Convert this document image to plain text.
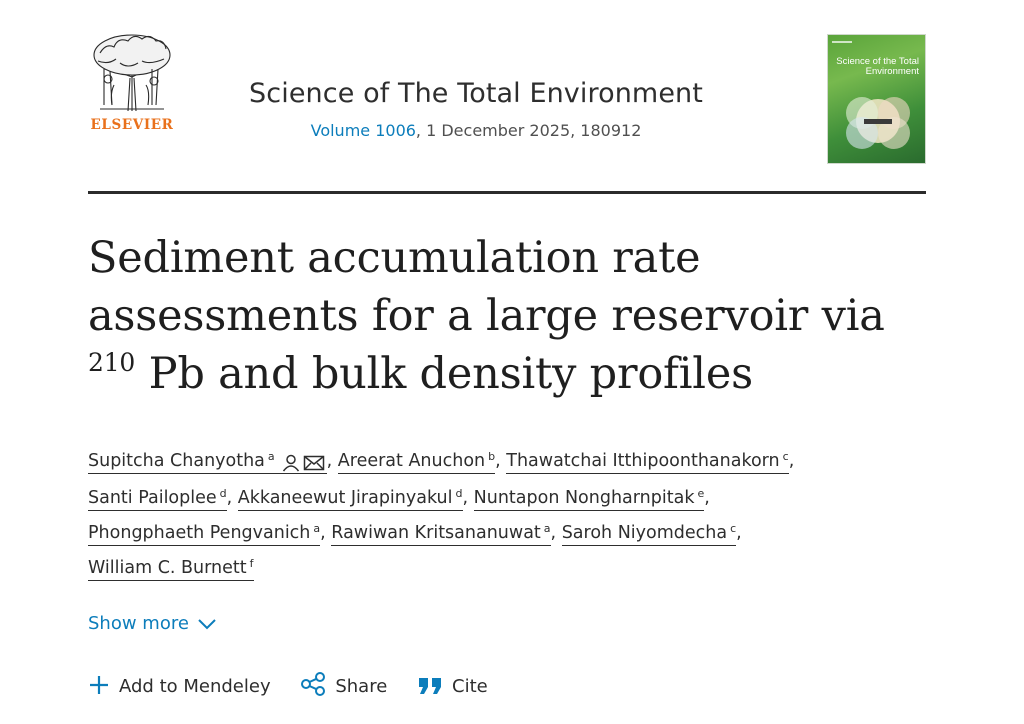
ELSEVIER
Science of The Total Environment
Volume 1006, 1 December 2025, 180912
Science of the Total Environment
Sediment accumulation rate
assessments for a large reservoir via
$^{210}$ Pb and bulk density profiles
Supitcha Chanyotha $^a$	, Areerat Anuchon $^b$, Thawatchai Itthipoonthanakorn $^c$,
Santi Pailoplee $^d$, Akkaneewut Jirapinyakul $^d$, Nuntapon Nongharnpitak $^e$,
Phongphaeth Pengvanich $^a$, Rawiwan Kritsananuwat $^a$, Saroh Niyomdecha $^c$,
William C. Burnett $^f$
Show more
Add to Mendeley	Share	Cite
